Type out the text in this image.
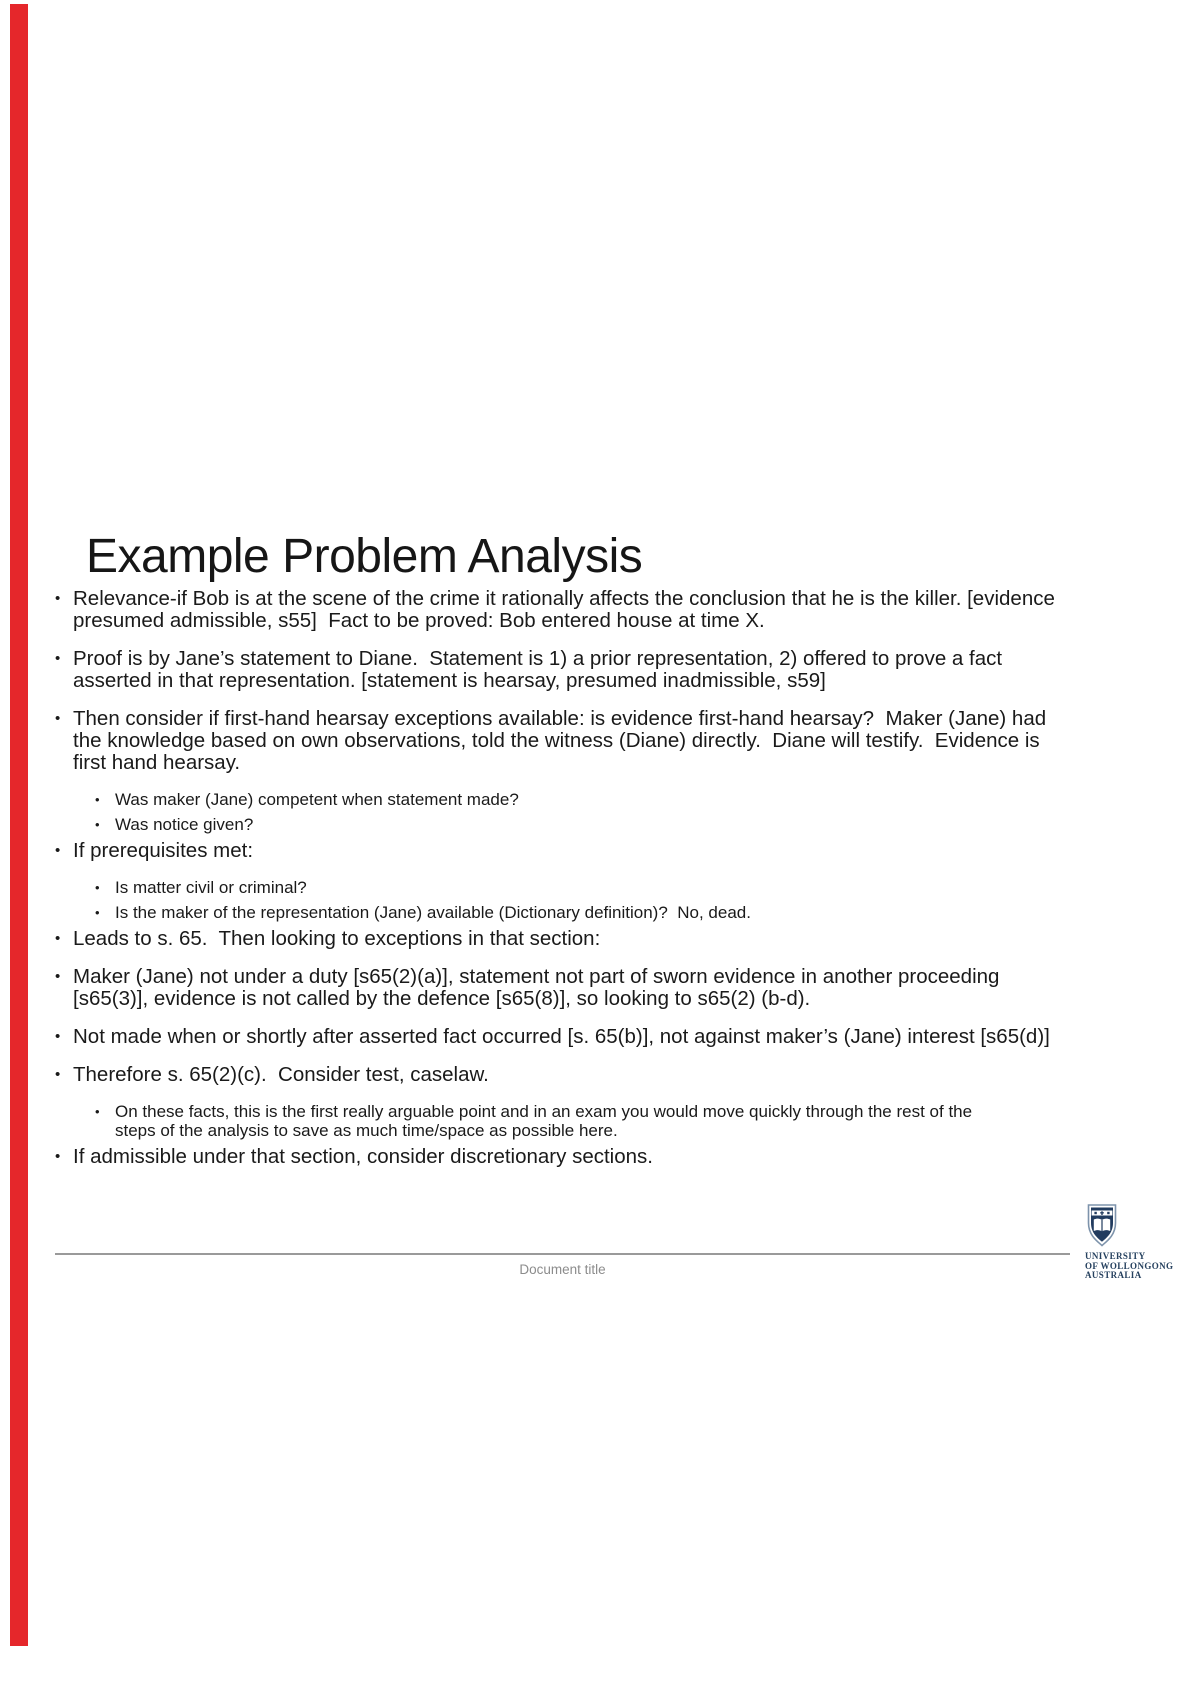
Example Problem Analysis
• Relevance-if Bob is at the scene of the crime it rationally affects the conclusion that he is the killer. [evidence presumed admissible, s55]  Fact to be proved: Bob entered house at time X.
• Proof is by Jane’s statement to Diane.  Statement is 1) a prior representation, 2) offered to prove a fact asserted in that representation. [statement is hearsay, presumed inadmissible, s59]
• Then consider if first-hand hearsay exceptions available: is evidence first-hand hearsay?  Maker (Jane) had the knowledge based on own observations, told the witness (Diane) directly.  Diane will testify.  Evidence is first hand hearsay.
• Was maker (Jane) competent when statement made?
• Was notice given?
• If prerequisites met:
• Is matter civil or criminal?
• Is the maker of the representation (Jane) available (Dictionary definition)?  No, dead.
• Leads to s. 65.  Then looking to exceptions in that section:
• Maker (Jane) not under a duty [s65(2)(a)], statement not part of sworn evidence in another proceeding [s65(3)], evidence is not called by the defence [s65(8)], so looking to s65(2) (b-d).
• Not made when or shortly after asserted fact occurred [s. 65(b)], not against maker’s (Jane) interest [s65(d)]
• Therefore s. 65(2)(c).  Consider test, caselaw.
• On these facts, this is the first really arguable point and in an exam you would move quickly through the rest of the steps of the analysis to save as much time/space as possible here.
• If admissible under that section, consider discretionary sections.
Document title
UNIVERSITY
OF WOLLONGONG
AUSTRALIA
